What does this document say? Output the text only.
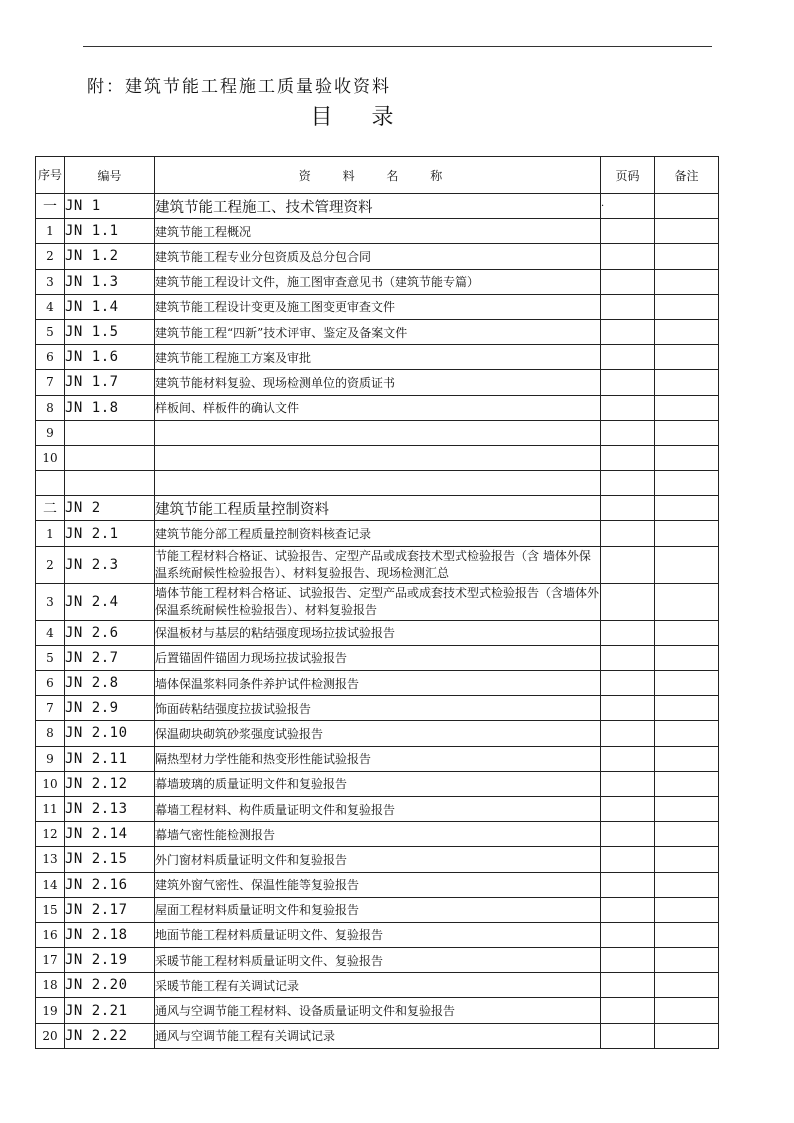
附：建筑节能工程施工质量验收资料
目 录
序号	编号	资 料 名 称	页码	备注
一	JN 1	建筑节能工程施工、技术管理资料	·	
1	JN 1.1	建筑节能工程概况		
2	JN 1.2	建筑节能工程专业分包资质及总分包合同		
3	JN 1.3	建筑节能工程设计文件，施工图审查意见书（建筑节能专篇）		
4	JN 1.4	建筑节能工程设计变更及施工图变更审查文件		
5	JN 1.5	建筑节能工程“四新”技术评审、鉴定及备案文件		
6	JN 1.6	建筑节能工程施工方案及审批		
7	JN 1.7	建筑节能材料复验、现场检测单位的资质证书		
8	JN 1.8	样板间、样板件的确认文件		
9				
10				

二	JN 2	建筑节能工程质量控制资料		
1	JN 2.1	建筑节能分部工程质量控制资料核查记录		
2	JN 2.3	节能工程材料合格证、试验报告、定型产品或成套技术型式检验报告（含 墙体外保温系统耐候性检验报告）、材料复验报告、现场检测汇总		
3	JN 2.4	墙体节能工程材料合格证、试验报告、定型产品或成套技术型式检验报告（含墙体外保温系统耐候性检验报告）、材料复验报告		
4	JN 2.6	保温板材与基层的粘结强度现场拉拔试验报告		
5	JN 2.7	后置锚固件锚固力现场拉拔试验报告		
6	JN 2.8	墙体保温浆料同条件养护试件检测报告		
7	JN 2.9	饰面砖粘结强度拉拔试验报告		
8	JN 2.10	保温砌块砌筑砂浆强度试验报告		
9	JN 2.11	隔热型材力学性能和热变形性能试验报告		
10	JN 2.12	幕墙玻璃的质量证明文件和复验报告		
11	JN 2.13	幕墙工程材料、构件质量证明文件和复验报告		
12	JN 2.14	幕墙气密性能检测报告		
13	JN 2.15	外门窗材料质量证明文件和复验报告		
14	JN 2.16	建筑外窗气密性、保温性能等复验报告		
15	JN 2.17	屋面工程材料质量证明文件和复验报告		
16	JN 2.18	地面节能工程材料质量证明文件、复验报告		
17	JN 2.19	采暖节能工程材料质量证明文件、复验报告		
18	JN 2.20	采暖节能工程有关调试记录		
19	JN 2.21	通风与空调节能工程材料、设备质量证明文件和复验报告		
20	JN 2.22	通风与空调节能工程有关调试记录		
